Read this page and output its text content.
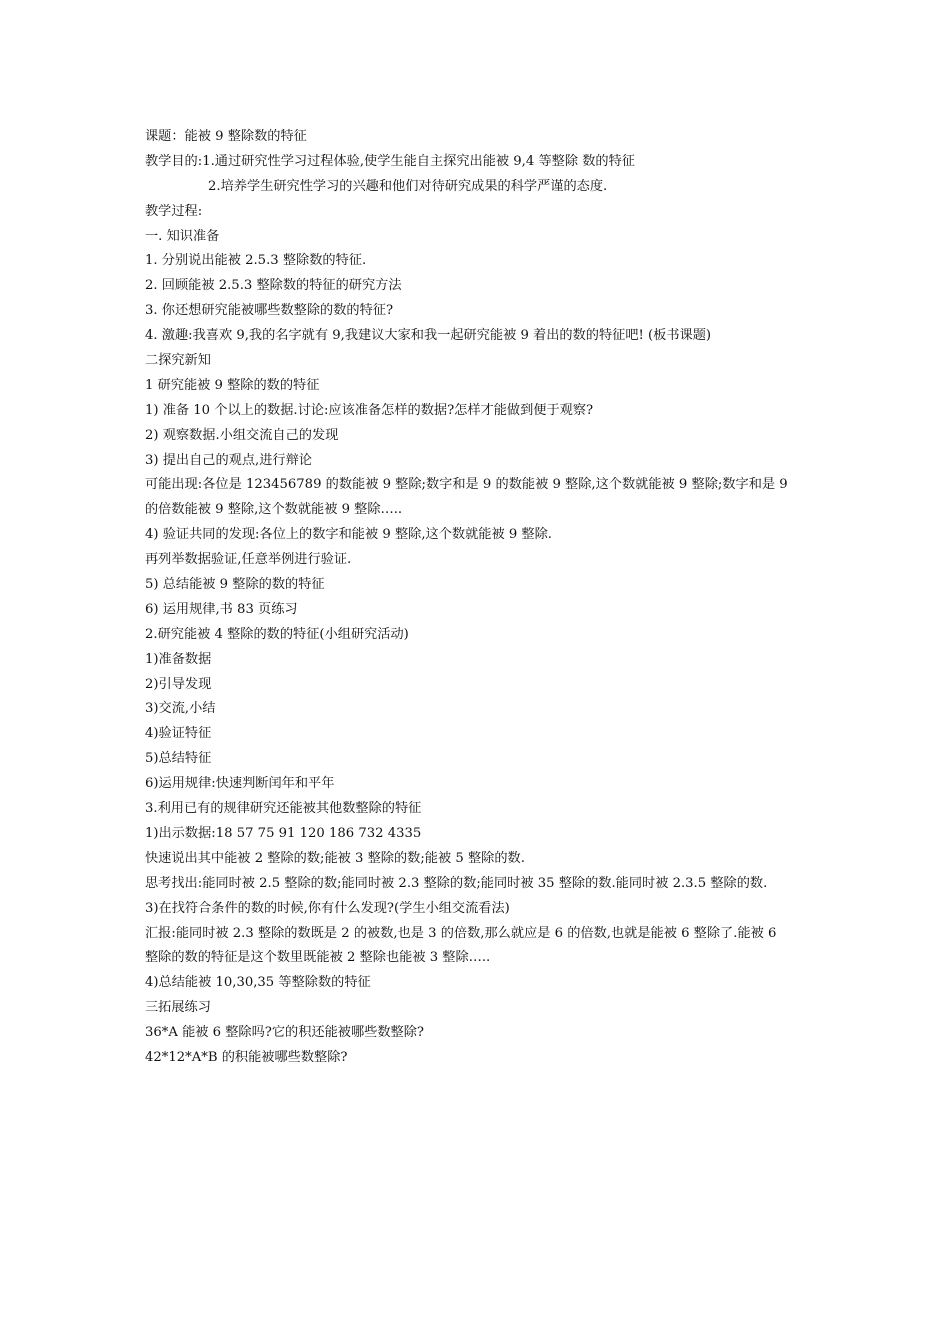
课题：能被 9 整除数的特征
教学目的:1.通过研究性学习过程体验,使学生能自主探究出能被 9,4 等整除 数的特征
2.培养学生研究性学习的兴趣和他们对待研究成果的科学严谨的态度.
教学过程:
一. 知识准备
1. 分别说出能被 2.5.3 整除数的特征.
2. 回顾能被 2.5.3 整除数的特征的研究方法
3. 你还想研究能被哪些数整除的数的特征?
4. 激趣:我喜欢 9,我的名字就有 9,我建议大家和我一起研究能被 9 着出的数的特征吧! (板书课题)
二探究新知
1 研究能被 9 整除的数的特征
1) 准备 10 个以上的数据.讨论:应该准备怎样的数据?怎样才能做到便于观察?
2) 观察数据.小组交流自己的发现
3) 提出自己的观点,进行辩论
可能出现:各位是 123456789 的数能被 9 整除;数字和是 9 的数能被 9 整除,这个数就能被 9 整除;数字和是 9
的倍数能被 9 整除,这个数就能被 9 整除…..
4) 验证共同的发现:各位上的数字和能被 9 整除,这个数就能被 9 整除.
再列举数据验证,任意举例进行验证.
5) 总结能被 9 整除的数的特征
6) 运用规律,书 83 页练习
2.研究能被 4 整除的数的特征(小组研究活动)
1)准备数据
2)引导发现
3)交流,小结
4)验证特征
5)总结特征
6)运用规律:快速判断闰年和平年
3.利用已有的规律研究还能被其他数整除的特征
1)出示数据:18 57 75 91 120 186 732 4335
快速说出其中能被 2 整除的数;能被 3 整除的数;能被 5 整除的数.
思考找出:能同时被 2.5 整除的数;能同时被 2.3 整除的数;能同时被 35 整除的数.能同时被 2.3.5 整除的数.
3)在找符合条件的数的时候,你有什么发现?(学生小组交流看法)
汇报:能同时被 2.3 整除的数既是 2 的被数,也是 3 的倍数,那么就应是 6 的倍数,也就是能被 6 整除了.能被 6
整除的数的特征是这个数里既能被 2 整除也能被 3 整除…..
4)总结能被 10,30,35 等整除数的特征
三拓展练习
36*A 能被 6 整除吗?它的积还能被哪些数整除?
42*12*A*B 的积能被哪些数整除?
